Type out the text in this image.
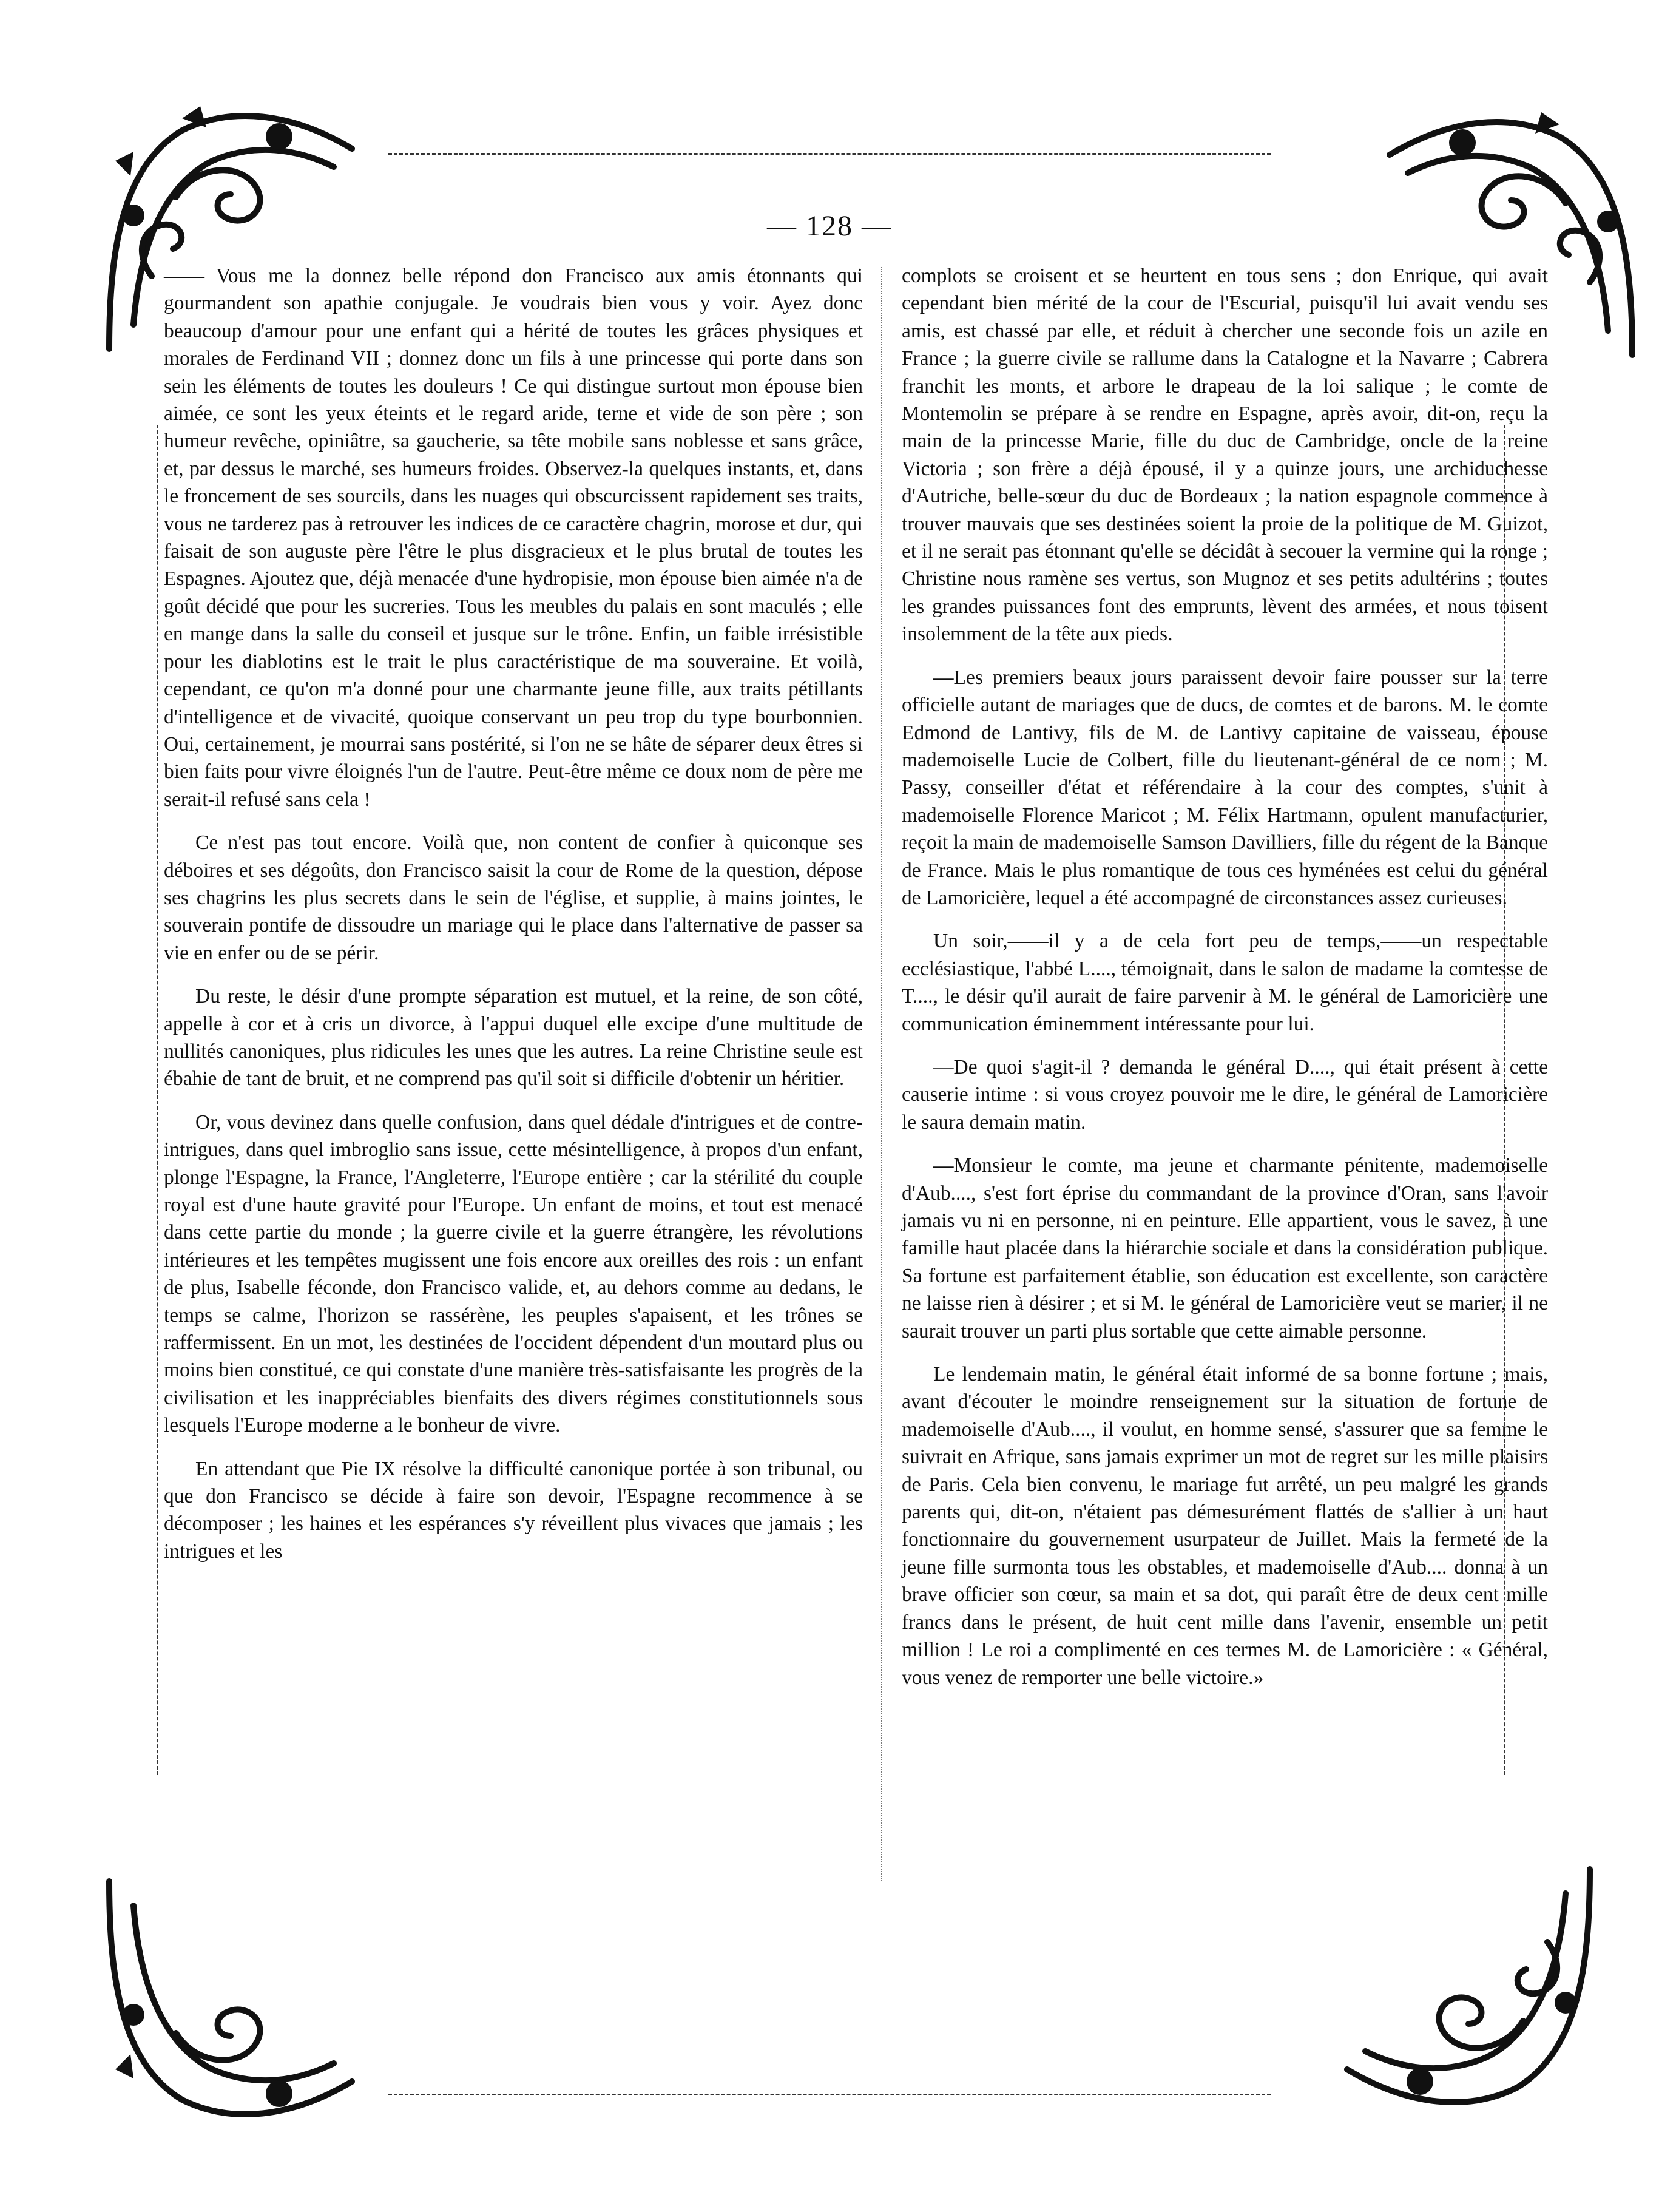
— 128 —

—— Vous me la donnez belle répond don Francisco aux amis étonnants qui gourmandent son apathie conjugale. Je voudrais bien vous y voir. Ayez donc beaucoup d'amour pour une enfant qui a hérité de toutes les grâces physiques et morales de Ferdinand VII ; donnez donc un fils à une princesse qui porte dans son sein les éléments de toutes les douleurs ! Ce qui distingue surtout mon épouse bien aimée, ce sont les yeux éteints et le regard aride, terne et vide de son père ; son humeur revêche, opiniâtre, sa gaucherie, sa tête mobile sans noblesse et sans grâce, et, par dessus le marché, ses humeurs froides. Observez-la quelques instants, et, dans le froncement de ses sourcils, dans les nuages qui obscurcissent rapidement ses traits, vous ne tarderez pas à retrouver les indices de ce caractère chagrin, morose et dur, qui faisait de son auguste père l'être le plus disgracieux et le plus brutal de toutes les Espagnes. Ajoutez que, déjà menacée d'une hydropisie, mon épouse bien aimée n'a de goût décidé que pour les sucreries. Tous les meubles du palais en sont maculés ; elle en mange dans la salle du conseil et jusque sur le trône. Enfin, un faible irrésistible pour les diablotins est le trait le plus caractéristique de ma souveraine. Et voilà, cependant, ce qu'on m'a donné pour une charmante jeune fille, aux traits pétillants d'intelligence et de vivacité, quoique conservant un peu trop du type bourbonnien. Oui, certainement, je mourrai sans postérité, si l'on ne se hâte de séparer deux êtres si bien faits pour vivre éloignés l'un de l'autre. Peut-être même ce doux nom de père me serait-il refusé sans cela !

Ce n'est pas tout encore. Voilà que, non content de confier à quiconque ses déboires et ses dégoûts, don Francisco saisit la cour de Rome de la question, dépose ses chagrins les plus secrets dans le sein de l'église, et supplie, à mains jointes, le souverain pontife de dissoudre un mariage qui le place dans l'alternative de passer sa vie en enfer ou de se périr.

Du reste, le désir d'une prompte séparation est mutuel, et la reine, de son côté, appelle à cor et à cris un divorce, à l'appui duquel elle excipe d'une multitude de nullités canoniques, plus ridicules les unes que les autres. La reine Christine seule est ébahie de tant de bruit, et ne comprend pas qu'il soit si difficile d'obtenir un héritier.

Or, vous devinez dans quelle confusion, dans quel dédale d'intrigues et de contre-intrigues, dans quel imbroglio sans issue, cette mésintelligence, à propos d'un enfant, plonge l'Espagne, la France, l'Angleterre, l'Europe entière ; car la stérilité du couple royal est d'une haute gravité pour l'Europe. Un enfant de moins, et tout est menacé dans cette partie du monde ; la guerre civile et la guerre étrangère, les révolutions intérieures et les tempêtes mugissent une fois encore aux oreilles des rois : un enfant de plus, Isabelle féconde, don Francisco valide, et, au dehors comme au dedans, le temps se calme, l'horizon se rassérène, les peuples s'apaisent, et les trônes se raffermissent. En un mot, les destinées de l'occident dépendent d'un moutard plus ou moins bien constitué, ce qui constate d'une manière très-satisfaisante les progrès de la civilisation et les inappréciables bienfaits des divers régimes constitutionnels sous lesquels l'Europe moderne a le bonheur de vivre.

En attendant que Pie IX résolve la difficulté canonique portée à son tribunal, ou que don Francisco se décide à faire son devoir, l'Espagne recommence à se décomposer ; les haines et les espérances s'y réveillent plus vivaces que jamais ; les intrigues et les

complots se croisent et se heurtent en tous sens ; don Enrique, qui avait cependant bien mérité de la cour de l'Escurial, puisqu'il lui avait vendu ses amis, est chassé par elle, et réduit à chercher une seconde fois un azile en France ; la guerre civile se rallume dans la Catalogne et la Navarre ; Cabrera franchit les monts, et arbore le drapeau de la loi salique ; le comte de Montemolin se prépare à se rendre en Espagne, après avoir, dit-on, reçu la main de la princesse Marie, fille du duc de Cambridge, oncle de la reine Victoria ; son frère a déjà épousé, il y a quinze jours, une archiduchesse d'Autriche, belle-sœur du duc de Bordeaux ; la nation espagnole commence à trouver mauvais que ses destinées soient la proie de la politique de M. Guizot, et il ne serait pas étonnant qu'elle se décidât à secouer la vermine qui la ronge ; Christine nous ramène ses vertus, son Mugnoz et ses petits adultérins ; toutes les grandes puissances font des emprunts, lèvent des armées, et nous toisent insolemment de la tête aux pieds.

—Les premiers beaux jours paraissent devoir faire pousser sur la terre officielle autant de mariages que de ducs, de comtes et de barons. M. le comte Edmond de Lantivy, fils de M. de Lantivy capitaine de vaisseau, épouse mademoiselle Lucie de Colbert, fille du lieutenant-général de ce nom ; M. Passy, conseiller d'état et référendaire à la cour des comptes, s'unit à mademoiselle Florence Maricot ; M. Félix Hartmann, opulent manufacturier, reçoit la main de mademoiselle Samson Davilliers, fille du régent de la Banque de France. Mais le plus romantique de tous ces hyménées est celui du général de Lamoricière, lequel a été accompagné de circonstances assez curieuses.

Un soir,——il y a de cela fort peu de temps,——un respectable ecclésiastique, l'abbé L...., témoignait, dans le salon de madame la comtesse de T...., le désir qu'il aurait de faire parvenir à M. le général de Lamoricière une communication éminemment intéressante pour lui.

—De quoi s'agit-il ? demanda le général D...., qui était présent à cette causerie intime : si vous croyez pouvoir me le dire, le général de Lamoricière le saura demain matin.

—Monsieur le comte, ma jeune et charmante pénitente, mademoiselle d'Aub...., s'est fort éprise du commandant de la province d'Oran, sans l'avoir jamais vu ni en personne, ni en peinture. Elle appartient, vous le savez, à une famille haut placée dans la hiérarchie sociale et dans la considération publique. Sa fortune est parfaitement établie, son éducation est excellente, son caractère ne laisse rien à désirer ; et si M. le général de Lamoricière veut se marier, il ne saurait trouver un parti plus sortable que cette aimable personne.

Le lendemain matin, le général était informé de sa bonne fortune ; mais, avant d'écouter le moindre renseignement sur la situation de fortune de mademoiselle d'Aub...., il voulut, en homme sensé, s'assurer que sa femme le suivrait en Afrique, sans jamais exprimer un mot de regret sur les mille plaisirs de Paris. Cela bien convenu, le mariage fut arrêté, un peu malgré les grands parents qui, dit-on, n'étaient pas démesurément flattés de s'allier à un haut fonctionnaire du gouvernement usurpateur de Juillet. Mais la fermeté de la jeune fille surmonta tous les obstables, et mademoiselle d'Aub.... donna à un brave officier son cœur, sa main et sa dot, qui paraît être de deux cent mille francs dans le présent, de huit cent mille dans l'avenir, ensemble un petit million ! Le roi a complimenté en ces termes M. de Lamoricière : « Général, vous venez de remporter une belle victoire.»
